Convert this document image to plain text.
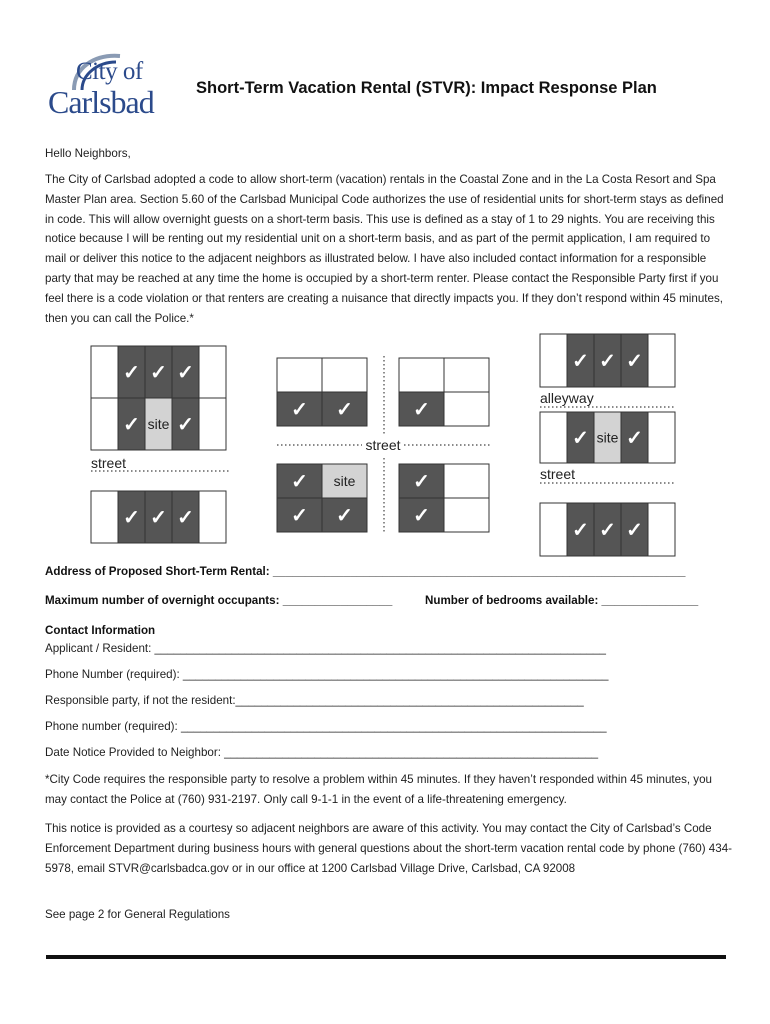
City of
Carlsbad	Short-Term Vacation Rental (STVR): Impact Response Plan
Hello Neighbors,
The City of Carlsbad adopted a code to allow short-term (vacation) rentals in the Coastal Zone and in the La Costa Resort and Spa Master Plan area. Section 5.60 of the Carlsbad Municipal Code authorizes the use of residential units for short-term stays as defined in code. This will allow overnight guests on a short-term basis. This use is defined as a stay of 1 to 29 nights. You are receiving this notice because I will be renting out my residential unit on a short-term basis, and as part of the permit application, I am required to mail or deliver this notice to the adjacent neighbors as illustrated below. I have also included contact information for a responsible party that may be reached at any time the home is occupied by a short-term renter. Please contact the Responsible Party first if you feel there is a code violation or that renters are creating a nuisance that directly impacts you. If they don’t respond within 45 minutes, then you can call the Police.*
✓ ✓ ✓
✓ site ✓
✓ ✓ ✓
street
✓ ✓	✓
✓ site
✓ ✓
✓
✓
street
✓ ✓ ✓
✓ site ✓
✓ ✓ ✓
alleyway
street
Address of Proposed Short-Term Rental: ________________________________________________________________
Maximum number of overnight occupants: _________________	Number of bedrooms available: _______________
Contact Information
Applicant / Resident: ______________________________________________________________________
Phone Number (required): __________________________________________________________________
Responsible party, if not the resident:______________________________________________________
Phone number (required): __________________________________________________________________
Date Notice Provided to Neighbor: __________________________________________________________
*City Code requires the responsible party to resolve a problem within 45 minutes. If they haven’t responded within 45 minutes, you may contact the Police at (760) 931-2197. Only call 9-1-1 in the event of a life-threatening emergency.
This notice is provided as a courtesy so adjacent neighbors are aware of this activity. You may contact the City of Carlsbad’s Code Enforcement Department during business hours with general questions about the short-term vacation rental code by phone (760) 434-5978, email STVR@carlsbadca.gov or in our office at 1200 Carlsbad Village Drive, Carlsbad, CA 92008
See page 2 for General Regulations
